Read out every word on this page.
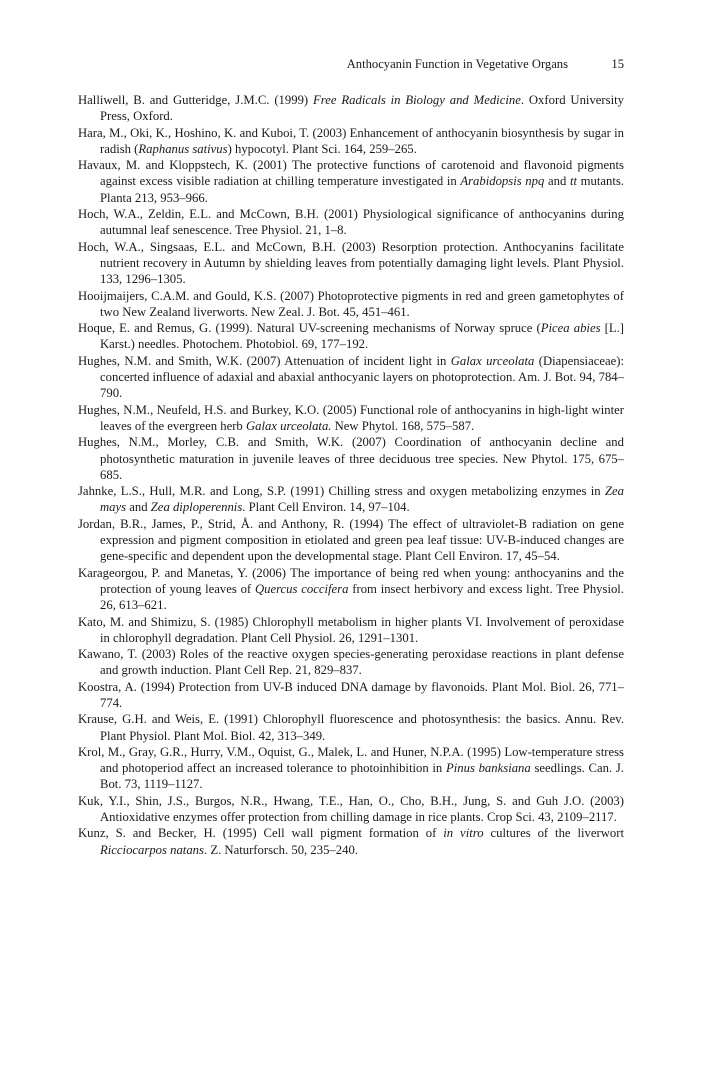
Anthocyanin Function in Vegetative Organs	15
Halliwell, B. and Gutteridge, J.M.C. (1999) Free Radicals in Biology and Medicine. Oxford University Press, Oxford.
Hara, M., Oki, K., Hoshino, K. and Kuboi, T. (2003) Enhancement of anthocyanin biosynthesis by sugar in radish (Raphanus sativus) hypocotyl. Plant Sci. 164, 259–265.
Havaux, M. and Kloppstech, K. (2001) The protective functions of carotenoid and flavonoid pigments against excess visible radiation at chilling temperature investigated in Arabidopsis npq and tt mutants. Planta 213, 953–966.
Hoch, W.A., Zeldin, E.L. and McCown, B.H. (2001) Physiological significance of anthocyanins during autumnal leaf senescence. Tree Physiol. 21, 1–8.
Hoch, W.A., Singsaas, E.L. and McCown, B.H. (2003) Resorption protection. Anthocyanins facilitate nutrient recovery in Autumn by shielding leaves from potentially damaging light levels. Plant Physiol. 133, 1296–1305.
Hooijmaijers, C.A.M. and Gould, K.S. (2007) Photoprotective pigments in red and green gametophytes of two New Zealand liverworts. New Zeal. J. Bot. 45, 451–461.
Hoque, E. and Remus, G. (1999). Natural UV-screening mechanisms of Norway spruce (Picea abies [L.] Karst.) needles. Photochem. Photobiol. 69, 177–192.
Hughes, N.M. and Smith, W.K. (2007) Attenuation of incident light in Galax urceolata (Diapensiaceae): concerted influence of adaxial and abaxial anthocyanic layers on photoprotection. Am. J. Bot. 94, 784–790.
Hughes, N.M., Neufeld, H.S. and Burkey, K.O. (2005) Functional role of anthocyanins in high-light winter leaves of the evergreen herb Galax urceolata. New Phytol. 168, 575–587.
Hughes, N.M., Morley, C.B. and Smith, W.K. (2007) Coordination of anthocyanin decline and photosynthetic maturation in juvenile leaves of three deciduous tree species. New Phytol. 175, 675–685.
Jahnke, L.S., Hull, M.R. and Long, S.P. (1991) Chilling stress and oxygen metabolizing enzymes in Zea mays and Zea diploperennis. Plant Cell Environ. 14, 97–104.
Jordan, B.R., James, P., Strid, Å. and Anthony, R. (1994) The effect of ultraviolet-B radiation on gene expression and pigment composition in etiolated and green pea leaf tissue: UV-B-induced changes are gene-specific and dependent upon the developmental stage. Plant Cell Environ. 17, 45–54.
Karageorgou, P. and Manetas, Y. (2006) The importance of being red when young: anthocyanins and the protection of young leaves of Quercus coccifera from insect herbivory and excess light. Tree Physiol. 26, 613–621.
Kato, M. and Shimizu, S. (1985) Chlorophyll metabolism in higher plants VI. Involvement of peroxidase in chlorophyll degradation. Plant Cell Physiol. 26, 1291–1301.
Kawano, T. (2003) Roles of the reactive oxygen species-generating peroxidase reactions in plant defense and growth induction. Plant Cell Rep. 21, 829–837.
Koostra, A. (1994) Protection from UV-B induced DNA damage by flavonoids. Plant Mol. Biol. 26, 771–774.
Krause, G.H. and Weis, E. (1991) Chlorophyll fluorescence and photosynthesis: the basics. Annu. Rev. Plant Physiol. Plant Mol. Biol. 42, 313–349.
Krol, M., Gray, G.R., Hurry, V.M., Oquist, G., Malek, L. and Huner, N.P.A. (1995) Low-temperature stress and photoperiod affect an increased tolerance to photoinhibition in Pinus banksiana seedlings. Can. J. Bot. 73, 1119–1127.
Kuk, Y.I., Shin, J.S., Burgos, N.R., Hwang, T.E., Han, O., Cho, B.H., Jung, S. and Guh J.O. (2003) Antioxidative enzymes offer protection from chilling damage in rice plants. Crop Sci. 43, 2109–2117.
Kunz, S. and Becker, H. (1995) Cell wall pigment formation of in vitro cultures of the liverwort Ricciocarpos natans. Z. Naturforsch. 50, 235–240.
